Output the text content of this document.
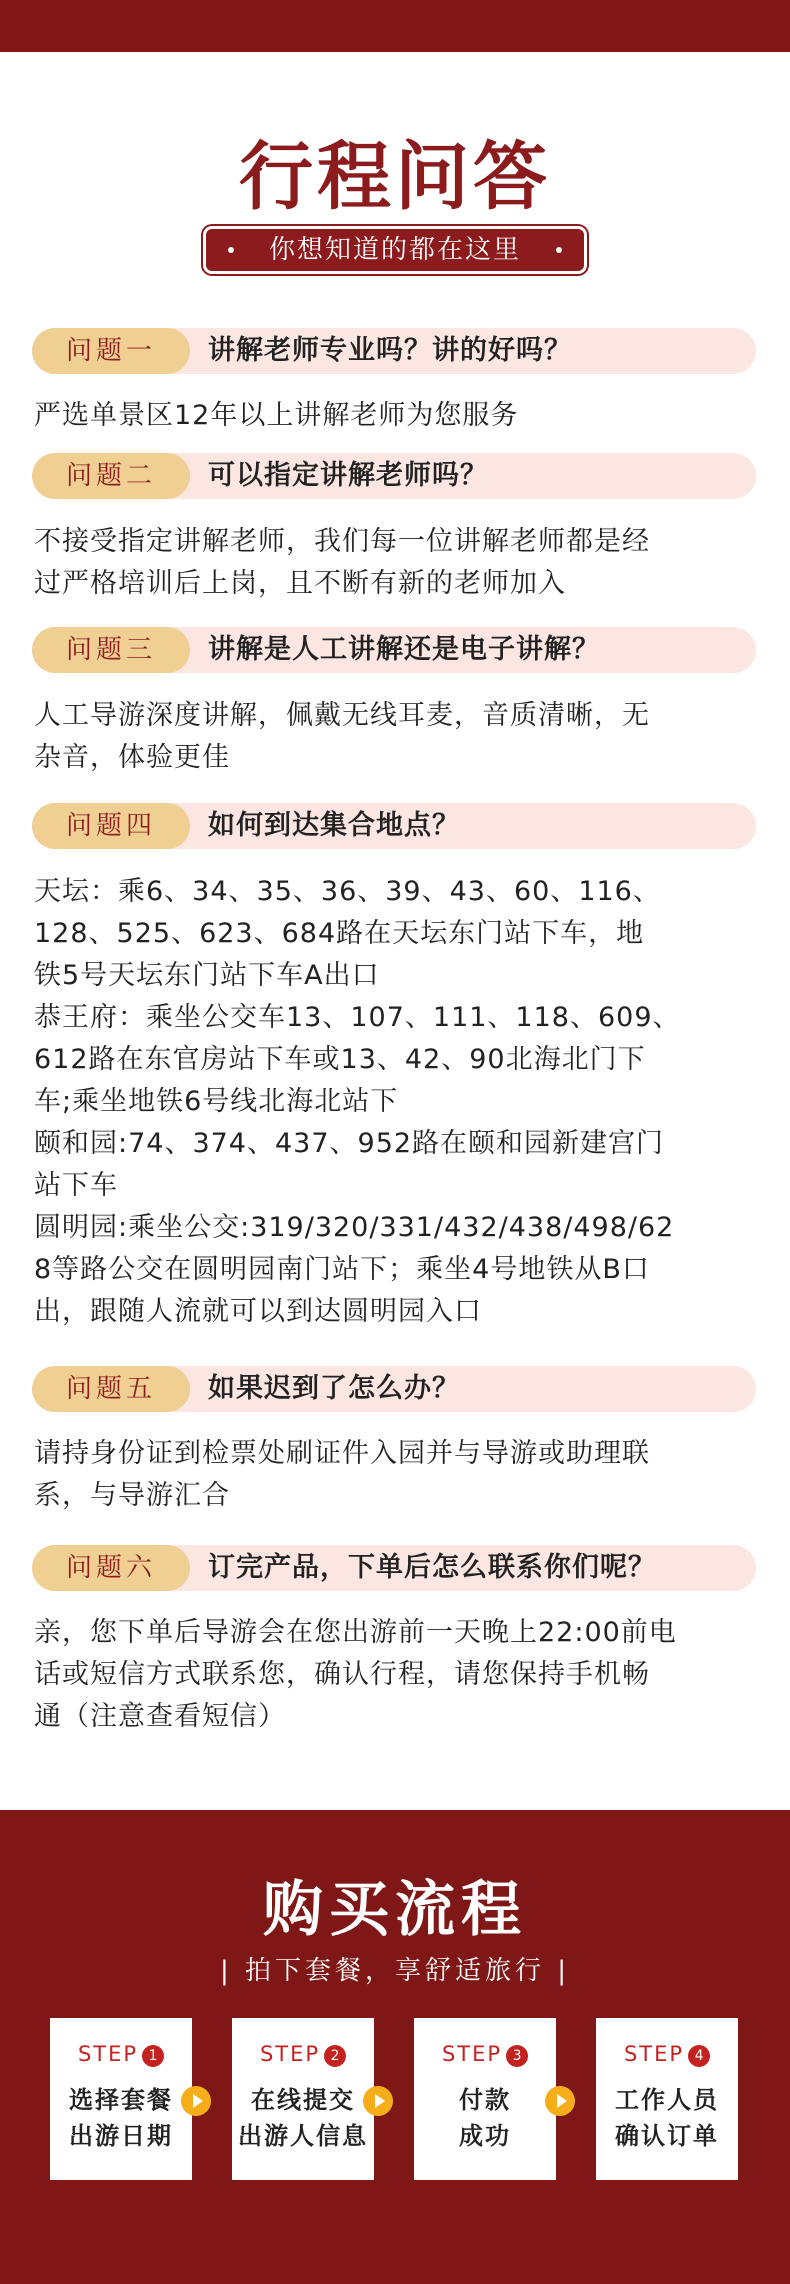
行程问答
你想知道的都在这里
问题一	讲解老师专业吗？讲的好吗？
严选单景区12年以上讲解老师为您服务
问题二	可以指定讲解老师吗？
不接受指定讲解老师，我们每一位讲解老师都是经
过严格培训后上岗，且不断有新的老师加入
问题三	讲解是人工讲解还是电子讲解？
人工导游深度讲解，佩戴无线耳麦，音质清晰，无
杂音，体验更佳
问题四	如何到达集合地点？
天坛：乘6、34、35、36、39、43、60、116、
128、525、623、684路在天坛东门站下车，地
铁5号天坛东门站下车A出口
恭王府：乘坐公交车13、107、111、118、609、
612路在东官房站下车或13、42、90北海北门下
车;乘坐地铁6号线北海北站下
颐和园:74、374、437、952路在颐和园新建宫门
站下车
圆明园:乘坐公交:319/320/331/432/438/498/62
8等路公交在圆明园南门站下；乘坐4号地铁从B口
出，跟随人流就可以到达圆明园入口
问题五	如果迟到了怎么办？
请持身份证到检票处刷证件入园并与导游或助理联
系，与导游汇合
问题六	订完产品，下单后怎么联系你们呢？
亲，您下单后导游会在您出游前一天晚上22:00前电
话或短信方式联系您，确认行程，请您保持手机畅
通（注意查看短信）
购买流程
| 拍下套餐，享舒适旅行 |
STEP 1
选择套餐
出游日期
STEP 2
在线提交
出游人信息
STEP 3
付款
成功
STEP 4
工作人员
确认订单
